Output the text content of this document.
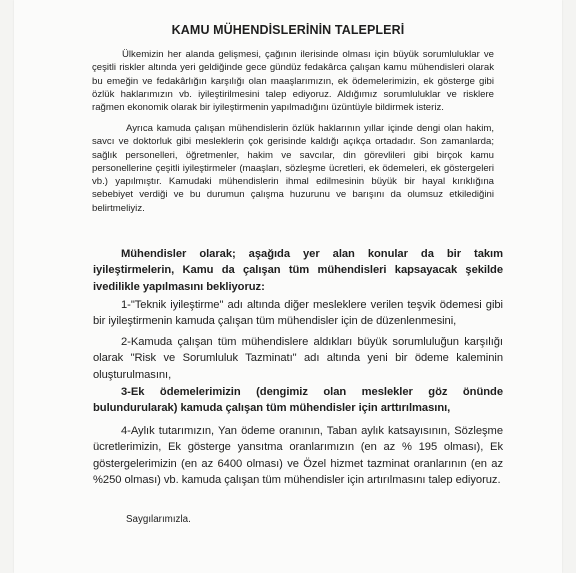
KAMU MÜHENDİSLERİNİN TALEPLERİ
Ülkemizin her alanda gelişmesi, çağının ilerisinde olması için büyük sorumluluklar ve çeşitli riskler altında yeri geldiğinde gece gündüz fedakârca çalışan kamu mühendisleri olarak bu emeğin ve fedakârlığın karşılığı olan maaşlarımızın, ek ödemelerimizin, ek gösterge gibi özlük haklarımızın vb. iyileştirilmesini talep ediyoruz. Aldığımız sorumluluklar ve risklere rağmen ekonomik olarak bir iyileştirmenin yapılmadığını üzüntüyle bildirmek isteriz.
Ayrıca kamuda çalışan mühendislerin özlük haklarının yıllar içinde dengi olan hakim, savcı ve doktorluk gibi mesleklerin çok gerisinde kaldığı açıkça ortadadır. Son zamanlarda; sağlık personelleri, öğretmenler, hakim ve savcılar, din görevlileri gibi birçok kamu personellerine çeşitli iyileştirmeler (maaşları, sözleşme ücretleri, ek ödemeleri, ek göstergeleri vb.) yapılmıştır. Kamudaki mühendislerin ihmal edilmesinin büyük bir hayal kırıklığına sebebiyet verdiği ve bu durumun çalışma huzurunu ve barışını da olumsuz etkilediğini belirtmeliyiz.
Mühendisler olarak; aşağıda yer alan konular da bir takım iyileştirmelerin, Kamu da çalışan tüm mühendisleri kapsayacak şekilde ivedilikle yapılmasını bekliyoruz:
1-"Teknik iyileştirme" adı altında diğer mesleklere verilen teşvik ödemesi gibi bir iyileştirmenin kamuda çalışan tüm mühendisler için de düzenlenmesini,
2-Kamuda çalışan tüm mühendislere aldıkları büyük sorumluluğun karşılığı olarak "Risk ve Sorumluluk Tazminatı" adı altında yeni bir ödeme kaleminin oluşturulmasını,
3-Ek ödemelerimizin (dengimiz olan meslekler göz önünde bulundurularak) kamuda çalışan tüm mühendisler için arttırılmasını,
4-Aylık tutarımızın, Yan ödeme oranının, Taban aylık katsayısının, Sözleşme ücretlerimizin, Ek gösterge yansıtma oranlarımızın (en az % 195 olması), Ek göstergelerimizin (en az 6400 olması) ve Özel hizmet tazminat oranlarının (en az %250 olması) vb. kamuda çalışan tüm mühendisler için artırılmasını talep ediyoruz.
Saygılarımızla.
